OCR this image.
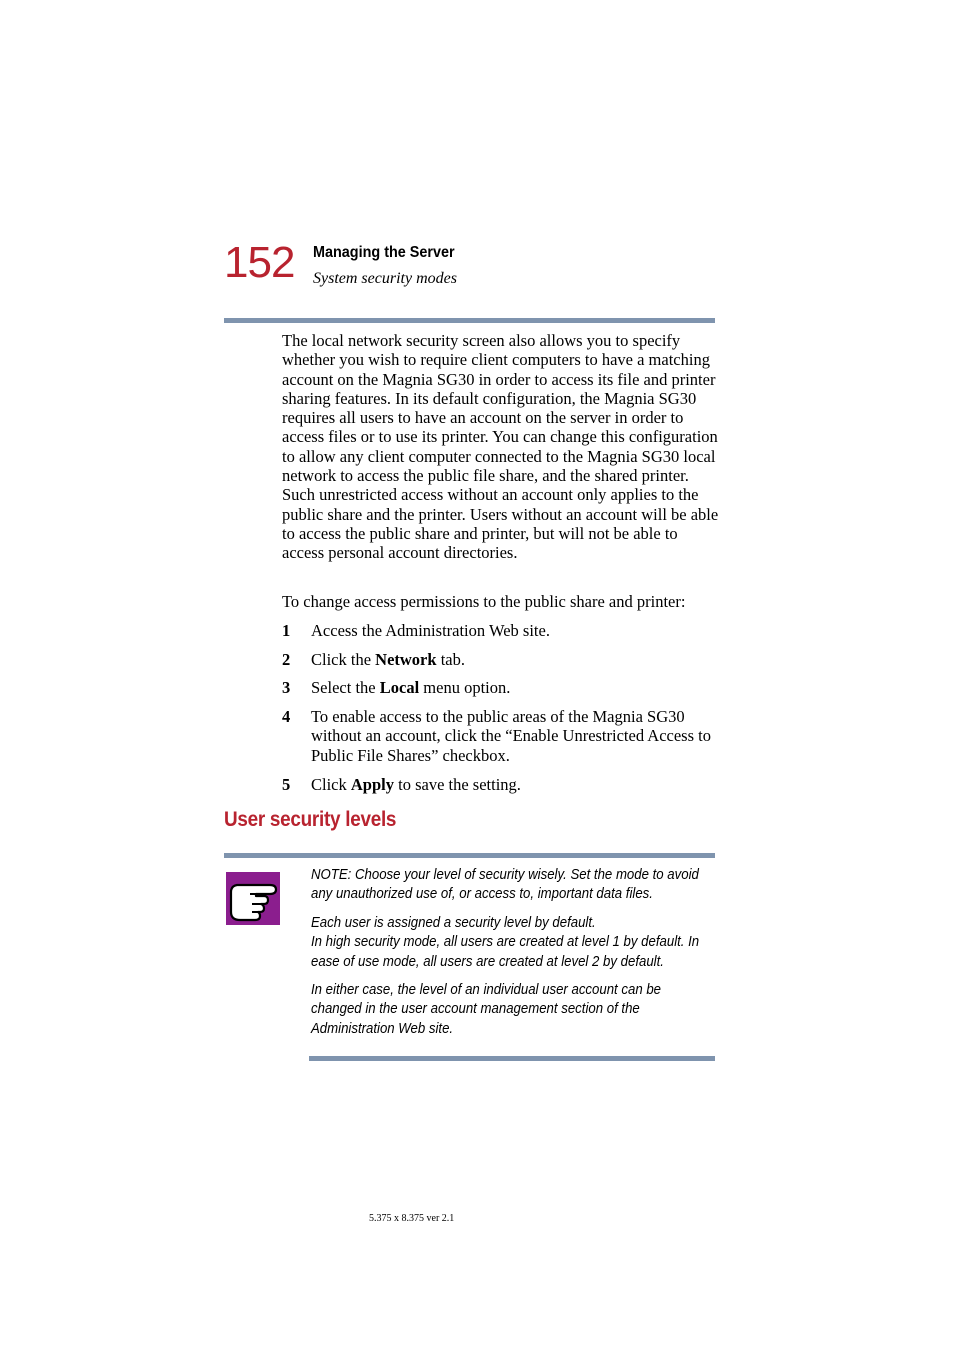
152 Managing the Server
System security modes
The local network security screen also allows you to specify whether you wish to require client computers to have a matching account on the Magnia SG30 in order to access its file and printer sharing features. In its default configuration, the Magnia SG30 requires all users to have an account on the server in order to access files or to use its printer. You can change this configuration to allow any client computer connected to the Magnia SG30 local network to access the public file share, and the shared printer. Such unrestricted access without an account only applies to the public share and the printer. Users without an account will be able to access the public share and printer, but will not be able to access personal account directories.
To change access permissions to the public share and printer:
1 Access the Administration Web site.
2 Click the Network tab.
3 Select the Local menu option.
4 To enable access to the public areas of the Magnia SG30 without an account, click the “Enable Unrestricted Access to Public File Shares” checkbox.
5 Click Apply to save the setting.
User security levels
NOTE: Choose your level of security wisely. Set the mode to avoid any unauthorized use of, or access to, important data files.
Each user is assigned a security level by default.
In high security mode, all users are created at level 1 by default. In ease of use mode, all users are created at level 2 by default.
In either case, the level of an individual user account can be changed in the user account management section of the Administration Web site.
5.375 x 8.375 ver 2.1
